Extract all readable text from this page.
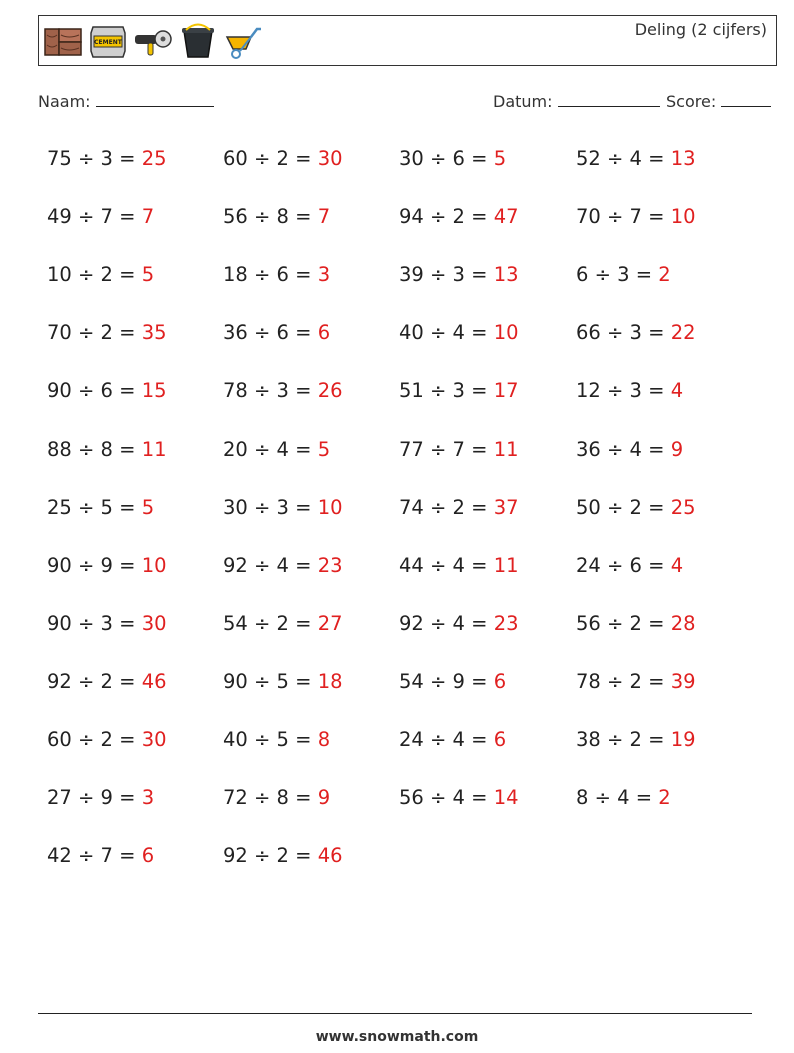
CEMENT
Deling (2 cijfers)
Naam:	Datum:	Score:
75 ÷ 3 = 25	60 ÷ 2 = 30	30 ÷ 6 = 5	52 ÷ 4 = 13
49 ÷ 7 = 7	56 ÷ 8 = 7	94 ÷ 2 = 47	70 ÷ 7 = 10
10 ÷ 2 = 5	18 ÷ 6 = 3	39 ÷ 3 = 13	6 ÷ 3 = 2
70 ÷ 2 = 35	36 ÷ 6 = 6	40 ÷ 4 = 10	66 ÷ 3 = 22
90 ÷ 6 = 15	78 ÷ 3 = 26	51 ÷ 3 = 17	12 ÷ 3 = 4
88 ÷ 8 = 11	20 ÷ 4 = 5	77 ÷ 7 = 11	36 ÷ 4 = 9
25 ÷ 5 = 5	30 ÷ 3 = 10	74 ÷ 2 = 37	50 ÷ 2 = 25
90 ÷ 9 = 10	92 ÷ 4 = 23	44 ÷ 4 = 11	24 ÷ 6 = 4
90 ÷ 3 = 30	54 ÷ 2 = 27	92 ÷ 4 = 23	56 ÷ 2 = 28
92 ÷ 2 = 46	90 ÷ 5 = 18	54 ÷ 9 = 6	78 ÷ 2 = 39
60 ÷ 2 = 30	40 ÷ 5 = 8	24 ÷ 4 = 6	38 ÷ 2 = 19
27 ÷ 9 = 3	72 ÷ 8 = 9	56 ÷ 4 = 14	8 ÷ 4 = 2
42 ÷ 7 = 6	92 ÷ 2 = 46
www.snowmath.com
